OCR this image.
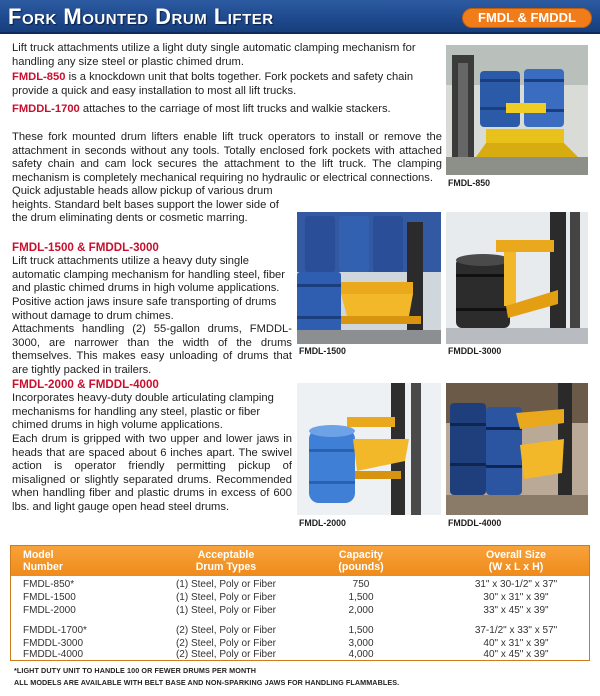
Fork Mounted Drum Lifter	FMDL & FMDDL
Lift truck attachments utilize a light duty single automatic clamping mechanism for handling any size steel or plastic chimed drum.
FMDL-850 is a knockdown unit that bolts together. Fork pockets and safety chain provide a quick and easy installation to most all lift trucks.
FMDDL-1700 attaches to the carriage of most lift trucks and walkie stackers.
These fork mounted drum lifters enable lift truck operators to install or remove the attachment in seconds without any tools. Totally enclosed fork pockets with attached safety chain and cam lock secures the attachment to the lift truck. The clamping mechanism is completely mechanical requiring no hydraulic or electrical connections.
Quick adjustable heads allow pickup of various drum heights. Standard belt bases support the lower side of the drum eliminating dents or cosmetic marring.
FMDL-850
FMDL-1500	FMDDL-3000
FMDL-1500 & FMDDL-3000
Lift truck attachments utilize a heavy duty single automatic clamping mechanism for handling steel, fiber and plastic chimed drums in high volume applications.
Positive action jaws insure safe transporting of drums without damage to drum chimes.
Attachments handling (2) 55-gallon drums, FMDDL-3000, are narrower than the width of the drums themselves. This makes easy unloading of drums that are tightly packed in trailers.
FMDL-2000 & FMDDL-4000
Incorporates heavy-duty double articulating clamping mechanisms for handling any steel, plastic or fiber chimed drums in high volume applications.
Each drum is gripped with two upper and lower jaws in heads that are spaced about 6 inches apart. The swivel action is operator friendly permitting pickup of misaligned or slightly separated drums. Recommended when handling fiber and plastic drums in excess of 600 lbs. and light gauge open head steel drums.
FMDL-2000	FMDDL-4000
Model
Number
Acceptable
Drum Types
Capacity
(pounds)
Overall Size
(W x L x H)
FMDL-850*	(1) Steel, Poly or Fiber	750	31" x 30-1/2" x 37"
FMDL-1500	(1) Steel, Poly or Fiber	1,500	30" x 31" x 39"
FMDL-2000	(1) Steel, Poly or Fiber	2,000	33" x 45" x 39"
FMDDL-1700*	(2) Steel, Poly or Fiber	1,500	37-1/2" x 33" x 57"
FMDDL-3000	(2) Steel, Poly or Fiber	3,000	40" x 31" x 39"
FMDDL-4000	(2) Steel, Poly or Fiber	4,000	40" x 45" x 39"
*LIGHT DUTY UNIT TO HANDLE 100 OR FEWER DRUMS PER MONTH
ALL MODELS ARE AVAILABLE WITH BELT BASE AND NON-SPARKING JAWS FOR HANDLING FLAMMABLES.
